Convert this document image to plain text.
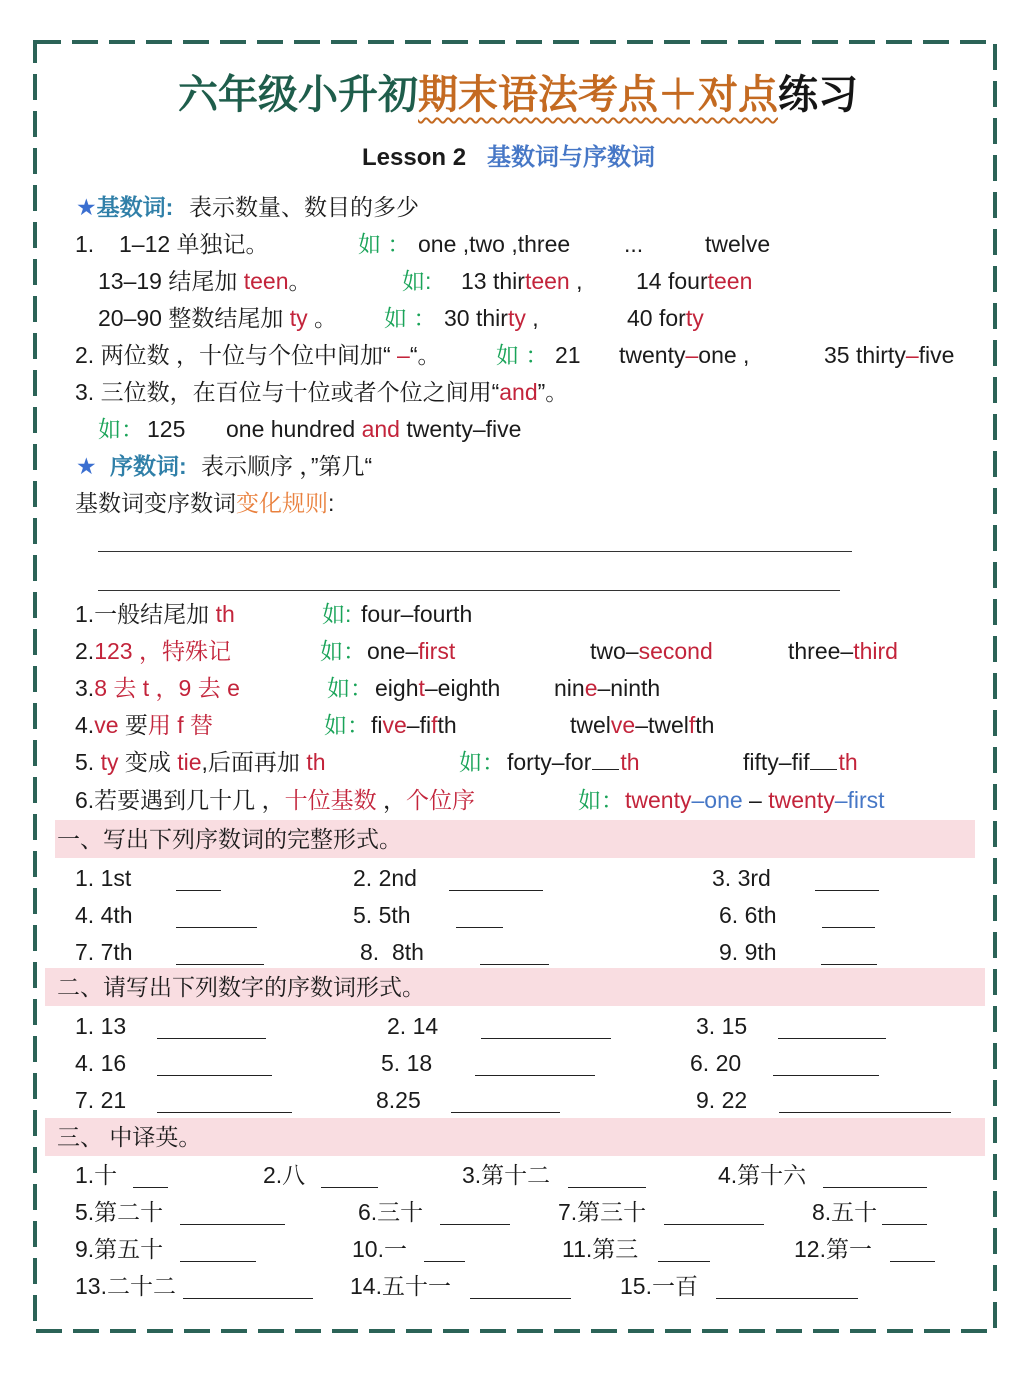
六年级小升初期末语法考点＋对点练习
Lesson 2 基数词与序数词
★基数词: 表示数量、数目的多少
1. 1–12 单独记。	如 ： one ,two ,three ...	twelve
13–19 结尾加 teen。	如: 13 thirteen , 14 fourteen
20–90 整数结尾加 ty 。 如 ： 30 thirty ,	40 forty
2. 两位数 ，十位与个位中间加“ –“。 如 ： 21 twenty–one ,	35 thirty–five
3. 三位数，在百位与十位或者个位之间用“and”。
如： 125 one hundred and twenty–five
★ 序数词: 表示顺序 ，”第几“
基数词变序数词变化规则:
1.一般结尾加 th	如: four–fourth
2.123 ，特殊记	如： one–first	two–second	three–third
3.8 去 t ，9 去 e	如： eight–eighth nine–ninth
4.ve 要用 f 替	如： five–fifth	twelve–twelfth
5. ty 变成 tie,后面再加 th	如： forty–for th	fifty–fif th
6.若要遇到几十几 ，十位基数 ，个位序	如： twenty–one – twenty–first
一、写出下列序数词的完整形式。
1. 1st	2. 2nd	3. 3rd
4. 4th	5. 5th	6. 6th
7. 7th	8.  8th	9. 9th
二、请写出下列数字的序数词形式。
1. 13	2. 14	3. 15
4. 16	5. 18	6. 20
7. 21	8.25	9. 22
三、 中译英。
1.十	2.八	3.第十二	4.第十六
5.第二十	6.三十	7.第三十	8.五十
9.第五十	10.一	11.第三	12.第一
13.二十二	14.五十一	15.一百
